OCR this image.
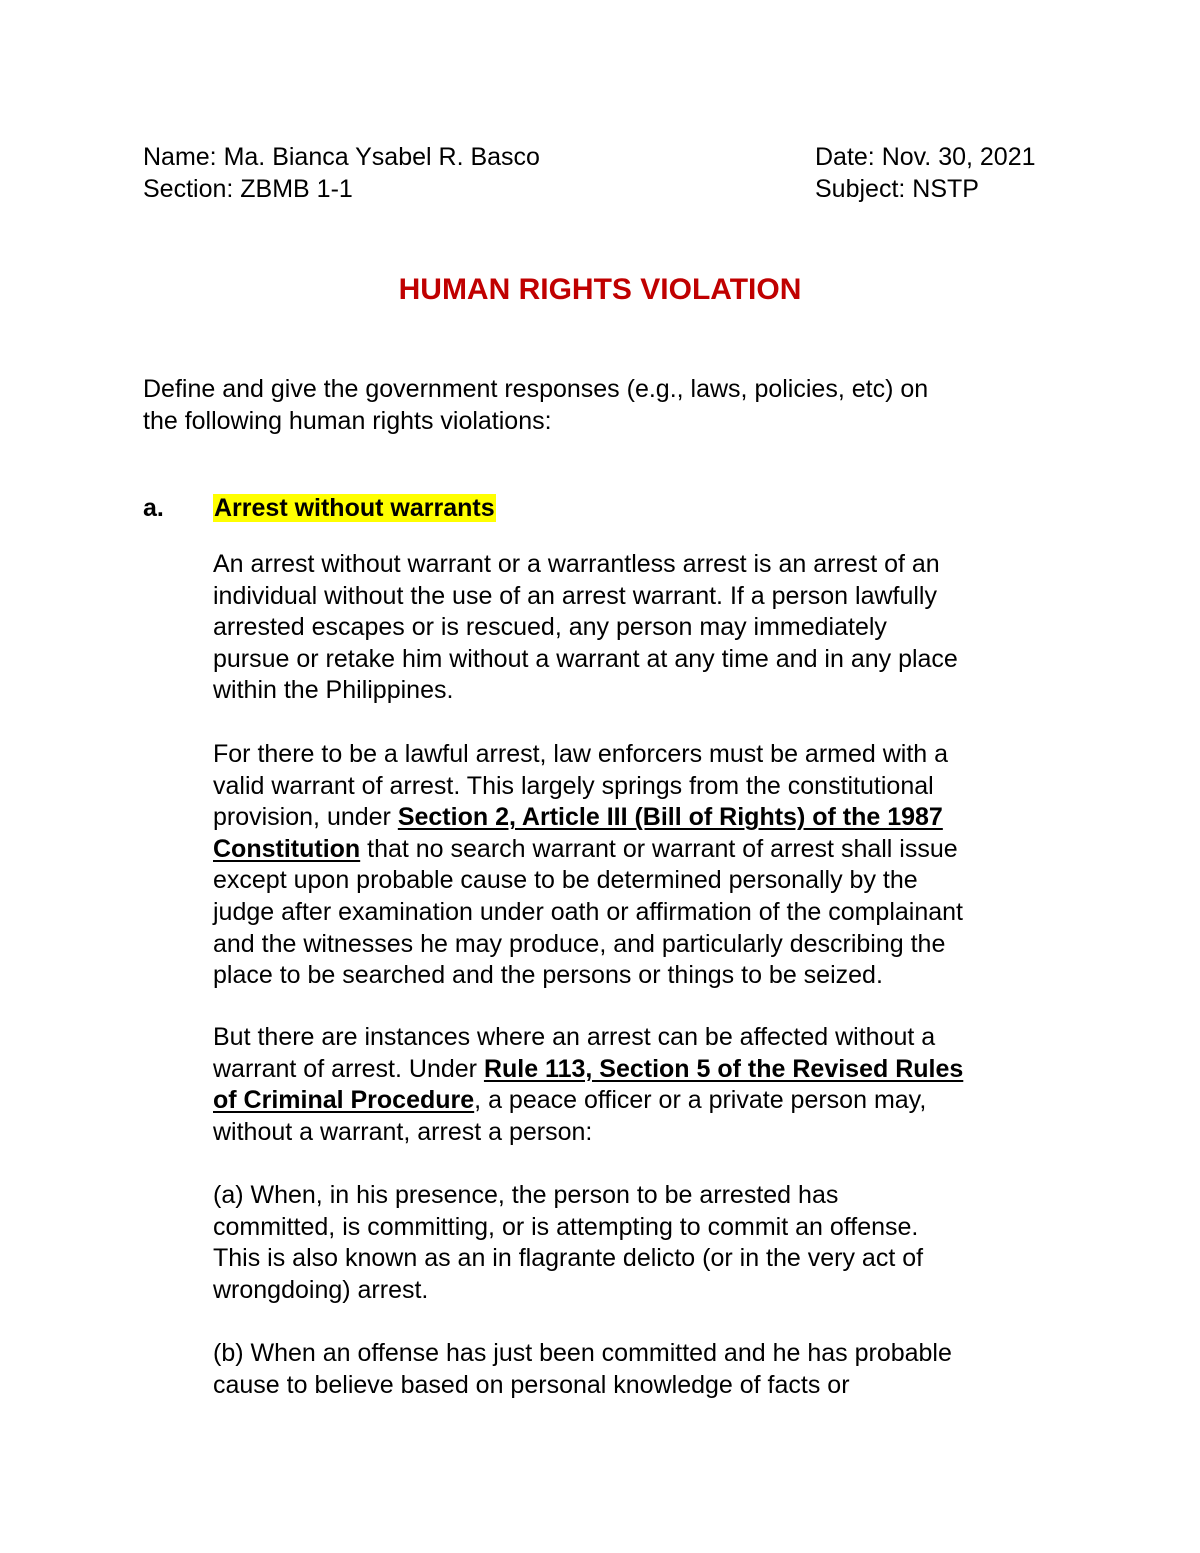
Name: Ma. Bianca Ysabel R. Basco
Section: ZBMB 1-1
Date: Nov. 30, 2021
Subject: NSTP
HUMAN RIGHTS VIOLATION
Define and give the government responses (e.g., laws, policies, etc) on
the following human rights violations:
a. Arrest without warrants
An arrest without warrant or a warrantless arrest is an arrest of an
individual without the use of an arrest warrant. If a person lawfully
arrested escapes or is rescued, any person may immediately
pursue or retake him without a warrant at any time and in any place
within the Philippines.
For there to be a lawful arrest, law enforcers must be armed with a
valid warrant of arrest. This largely springs from the constitutional
provision, under Section 2, Article III (Bill of Rights) of the 1987
Constitution that no search warrant or warrant of arrest shall issue
except upon probable cause to be determined personally by the
judge after examination under oath or affirmation of the complainant
and the witnesses he may produce, and particularly describing the
place to be searched and the persons or things to be seized.
But there are instances where an arrest can be affected without a
warrant of arrest. Under Rule 113, Section 5 of the Revised Rules
of Criminal Procedure, a peace officer or a private person may,
without a warrant, arrest a person:
(a) When, in his presence, the person to be arrested has
committed, is committing, or is attempting to commit an offense.
This is also known as an in flagrante delicto (or in the very act of
wrongdoing) arrest.
(b) When an offense has just been committed and he has probable
cause to believe based on personal knowledge of facts or
